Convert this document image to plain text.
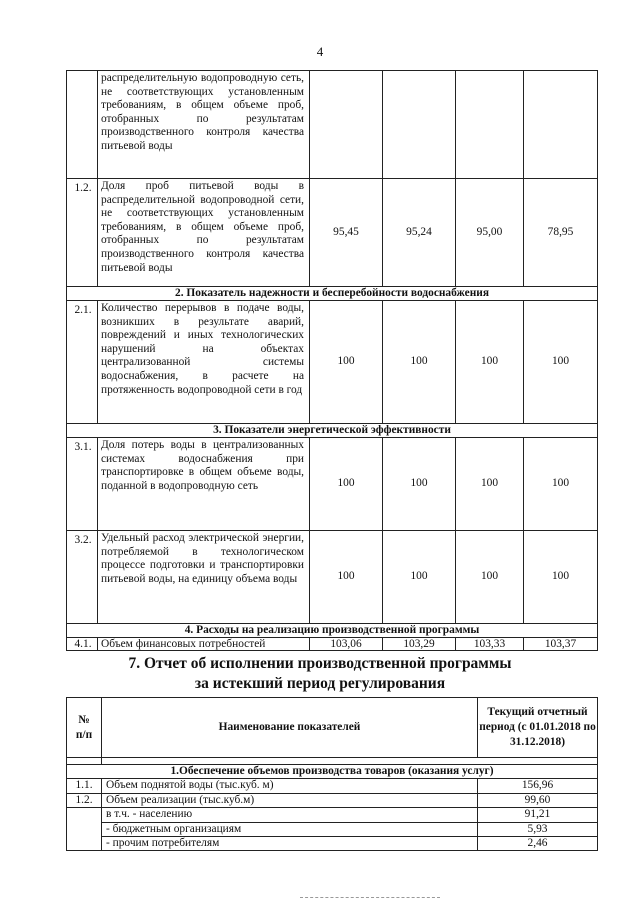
4
	распределительную водопроводную сеть, не соответствующих установленным требованиям, в общем объеме проб, отобранных по результатам производственного контроля качества питьевой воды				
1.2.	Доля проб питьевой воды в распределительной водопроводной сети, не соответствующих установленным требованиям, в общем объеме проб, отобранных по результатам производственного контроля качества питьевой воды	95,45	95,24	95,00	78,95
2. Показатель надежности и бесперебойности водоснабжения					
2.1.	Количество перерывов в подаче воды, возникших в результате аварий, повреждений и иных технологических нарушений на объектах централизованной системы водоснабжения, в расчете на протяженность водопроводной сети в год	100	100	100	100
3. Показатели энергетической эффективности					
3.1.	Доля потерь воды в централизованных системах водоснабжения при транспортировке в общем объеме воды, поданной в водопроводную сеть	100	100	100	100
3.2.	Удельный расход электрической энергии, потребляемой в технологическом процессе подготовки и транспортировки питьевой воды, на единицу объема воды	100	100	100	100
4. Расходы на реализацию производственной программы					
4.1.	Объем финансовых потребностей	103,06	103,29	103,33	103,37
7. Отчет об исполнении производственной программы
за истекший период регулирования
№ п/п	Наименование показателей	Текущий отчетный период (с 01.01.2018 по 31.12.2018)

1.Обеспечение объемов производства товаров (оказания услуг)		
1.1.	Объем поднятой воды (тыс.куб. м)	156,96
1.2.	Объем реализации (тыс.куб.м)	99,60
	в т.ч. - населению	91,21
	- бюджетным организациям	5,93
	- прочим потребителям	2,46
